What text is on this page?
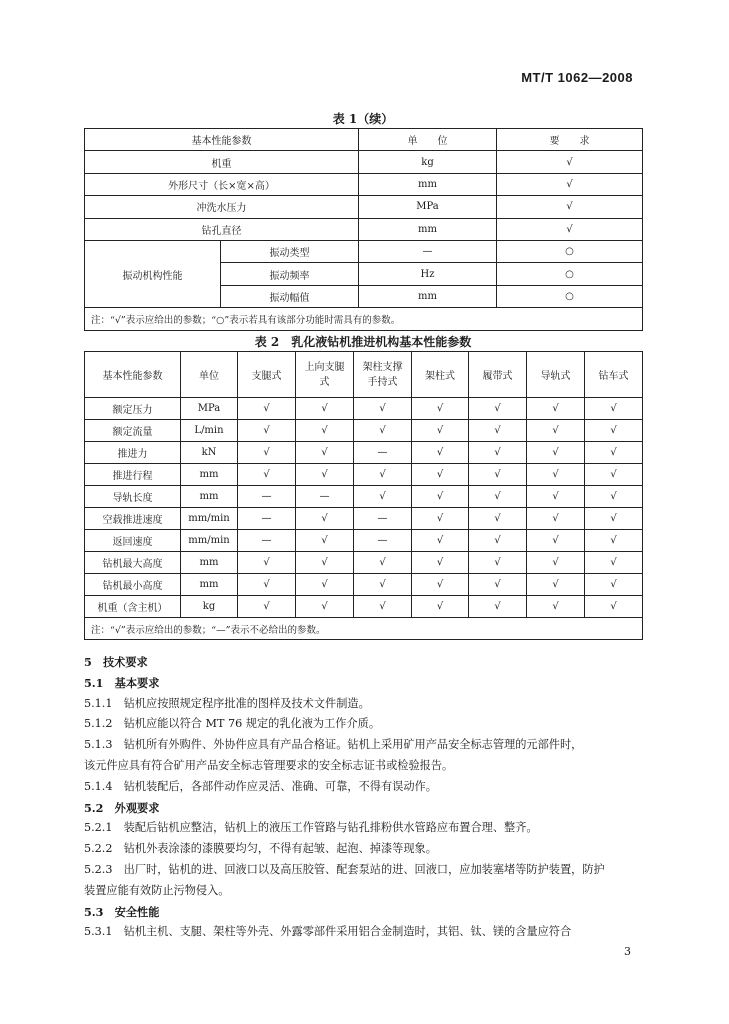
MT/T 1062—2008
表 1（续）
基本性能参数		单　　位	要　　求
机重		kg	√
外形尺寸（长×宽×高）		mm	√
冲洗水压力		MPa	√
钻孔直径		mm	√
振动机构性能	振动类型	—	○
	振动频率	Hz	○
	振动幅值	mm	○
注：“√”表示应给出的参数；“○”表示若具有该部分功能时需具有的参数。			
表 2　乳化液钻机推进机构基本性能参数
基本性能参数	单位	支腿式	上向支腿式	架柱支撑手持式	架柱式	履带式	导轨式	钻车式
额定压力	MPa	√	√	√	√	√	√	√
额定流量	L/min	√	√	√	√	√	√	√
推进力	kN	√	√	—	√	√	√	√
推进行程	mm	√	√	√	√	√	√	√
导轨长度	mm	—	—	√	√	√	√	√
空载推进速度	mm/min	—	√	—	√	√	√	√
返回速度	mm/min	—	√	—	√	√	√	√
钻机最大高度	mm	√	√	√	√	√	√	√
钻机最小高度	mm	√	√	√	√	√	√	√
机重（含主机）	kg	√	√	√	√	√	√	√
注：“√”表示应给出的参数；“—”表示不必给出的参数。								

5　技术要求

5.1　基本要求

5.1.1　钻机应按照规定程序批准的图样及技术文件制造。

5.1.2　钻机应能以符合 MT 76 规定的乳化液为工作介质。

5.1.3　钻机所有外购件、外协件应具有产品合格证。钻机上采用矿用产品安全标志管理的元部件时，

该元件应具有符合矿用产品安全标志管理要求的安全标志证书或检验报告。

5.1.4　钻机装配后，各部件动作应灵活、准确、可靠，不得有误动作。

5.2　外观要求

5.2.1　装配后钻机应整洁，钻机上的液压工作管路与钻孔排粉供水管路应布置合理、整齐。

5.2.2　钻机外表涂漆的漆膜要均匀，不得有起皱、起泡、掉漆等现象。

5.2.3　出厂时，钻机的进、回液口以及高压胶管、配套泵站的进、回液口，应加装塞堵等防护装置，防护

装置应能有效防止污物侵入。

5.3　安全性能

5.3.1　钻机主机、支腿、架柱等外壳、外露零部件采用铝合金制造时，其铝、钛、镁的含量应符合

3
